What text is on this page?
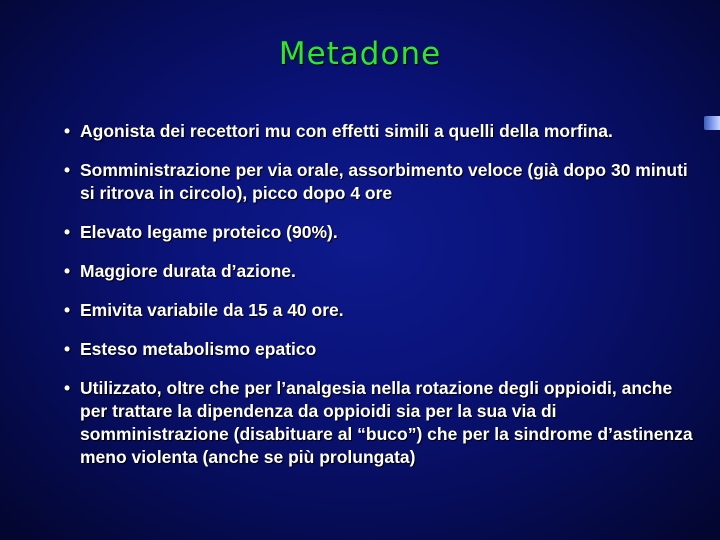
Metadone
• Agonista dei recettori mu con effetti simili a quelli della morfina.
• Somministrazione per via orale, assorbimento veloce (già dopo 30 minuti si ritrova in circolo), picco dopo 4 ore
• Elevato legame proteico (90%).
• Maggiore durata d’azione.
• Emivita variabile da 15 a 40 ore.
• Esteso metabolismo epatico
• Utilizzato, oltre che per l’analgesia nella rotazione degli oppioidi, anche per trattare la dipendenza da oppioidi sia per la sua via di somministrazione (disabituare al “buco”) che per la sindrome d’astinenza meno violenta (anche se più prolungata)
